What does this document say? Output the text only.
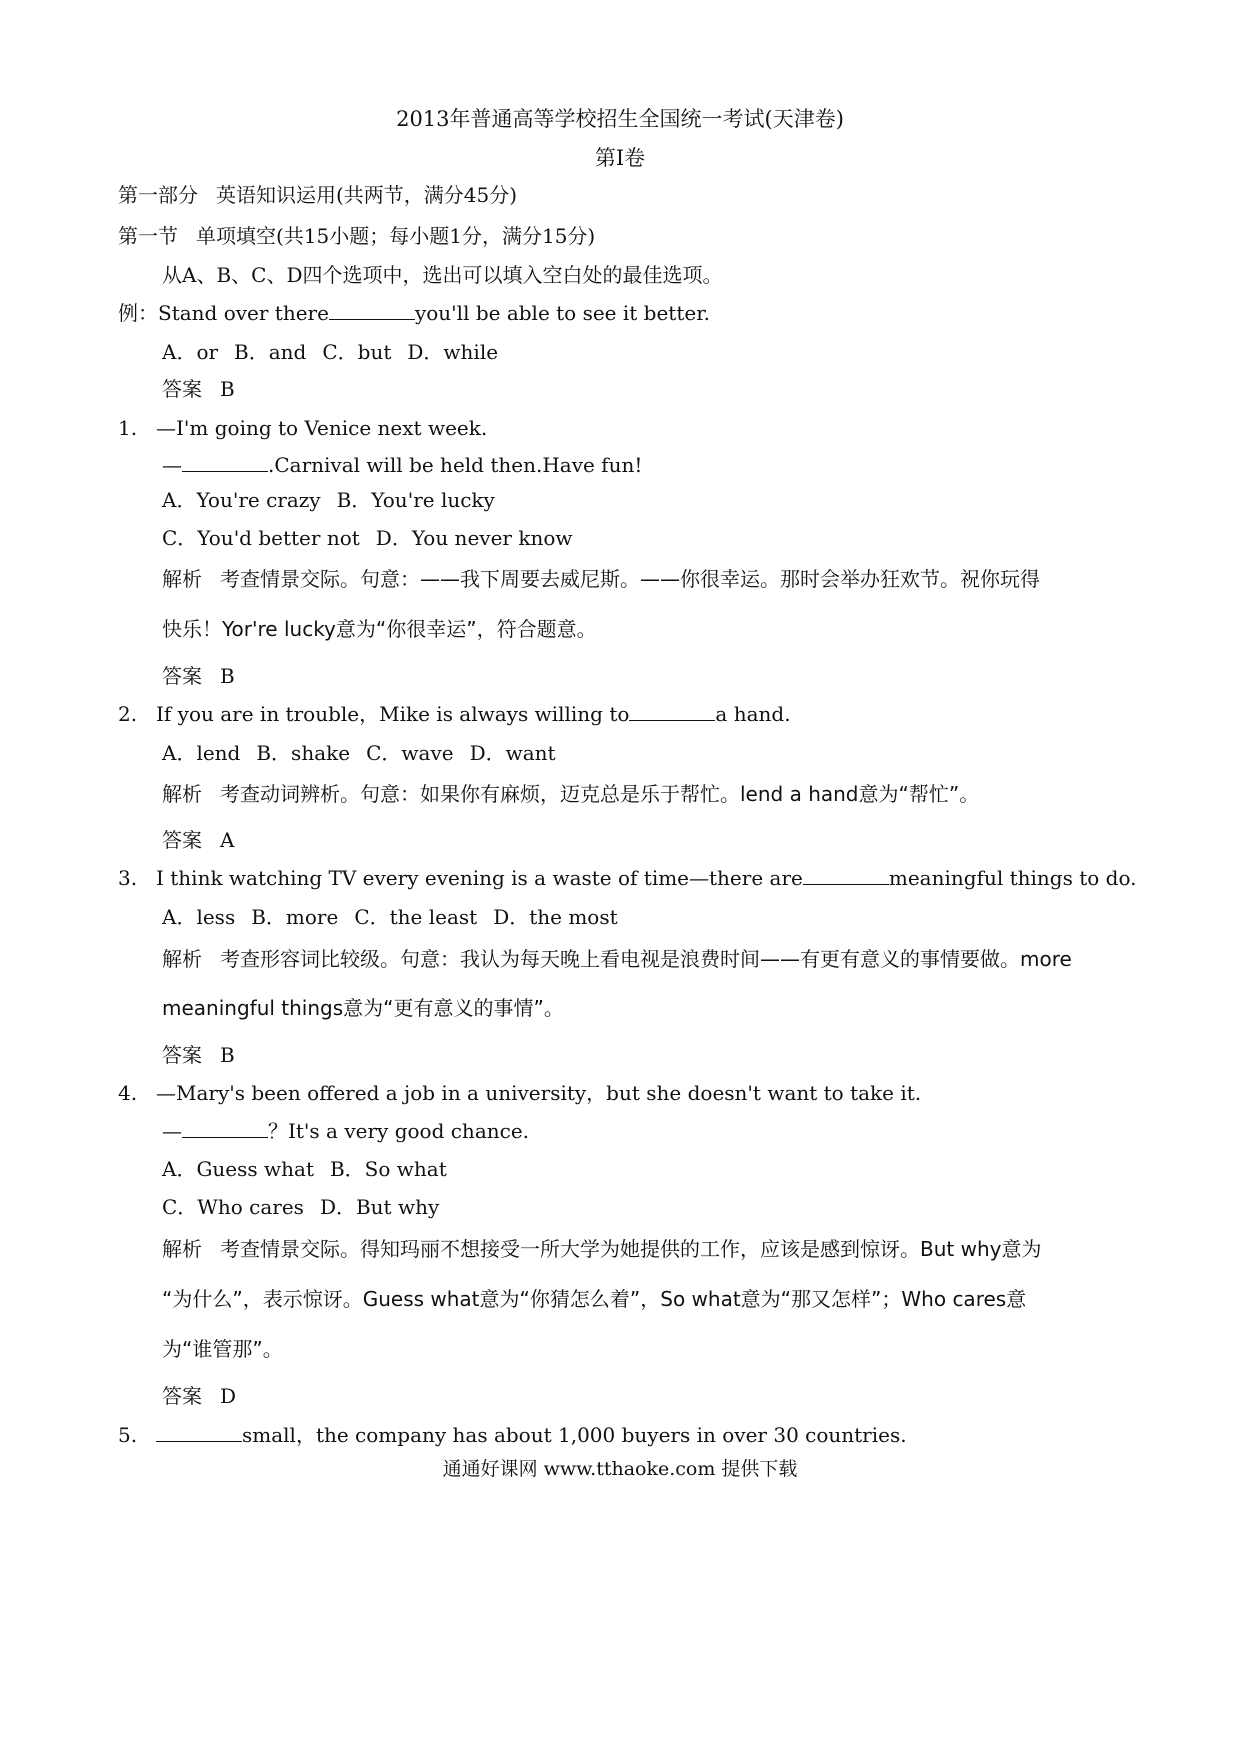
2013年普通高等学校招生全国统一考试(天津卷)
第Ⅰ卷
第一部分 英语知识运用(共两节，满分45分)
第一节 单项填空(共15小题；每小题1分，满分15分)
从A、B、C、D四个选项中，选出可以填入空白处的最佳选项。
例：Stand over there	you'll be able to see it better.
A．or B．and C．but D．while
答案 B
1. —I'm going to Venice next week.
—	.Carnival will be held then.Have fun!
A．You're crazy B．You're lucky
C．You'd better not D．You never know
解析 考查情景交际。句意：——我下周要去威尼斯。——你很幸运。那时会举办狂欢节。祝你玩得
快乐！Yor're lucky意为“你很幸运”，符合题意。
答案 B
2. If you are in trouble，Mike is always willing to	a hand.
A．lend B．shake C．wave D．want
解析 考查动词辨析。句意：如果你有麻烦，迈克总是乐于帮忙。lend a hand意为“帮忙”。
答案 A
3. I think watching TV every evening is a waste of time—there are	meaningful things to do.
A．less B．more C．the least D．the most
解析 考查形容词比较级。句意：我认为每天晚上看电视是浪费时间——有更有意义的事情要做。more
meaningful things意为“更有意义的事情”。
答案 B
4. —Mary's been offered a job in a university，but she doesn't want to take it.
—	？It's a very good chance.
A．Guess what B．So what
C．Who cares D．But why
解析 考查情景交际。得知玛丽不想接受一所大学为她提供的工作，应该是感到惊讶。But why意为
“为什么”，表示惊讶。Guess what意为“你猜怎么着”，So what意为“那又怎样”；Who cares意
为“谁管那”。
答案 D
5.	small，the company has about 1,000 buyers in over 30 countries.
通通好课网 www.tthaoke.com 提供下载
